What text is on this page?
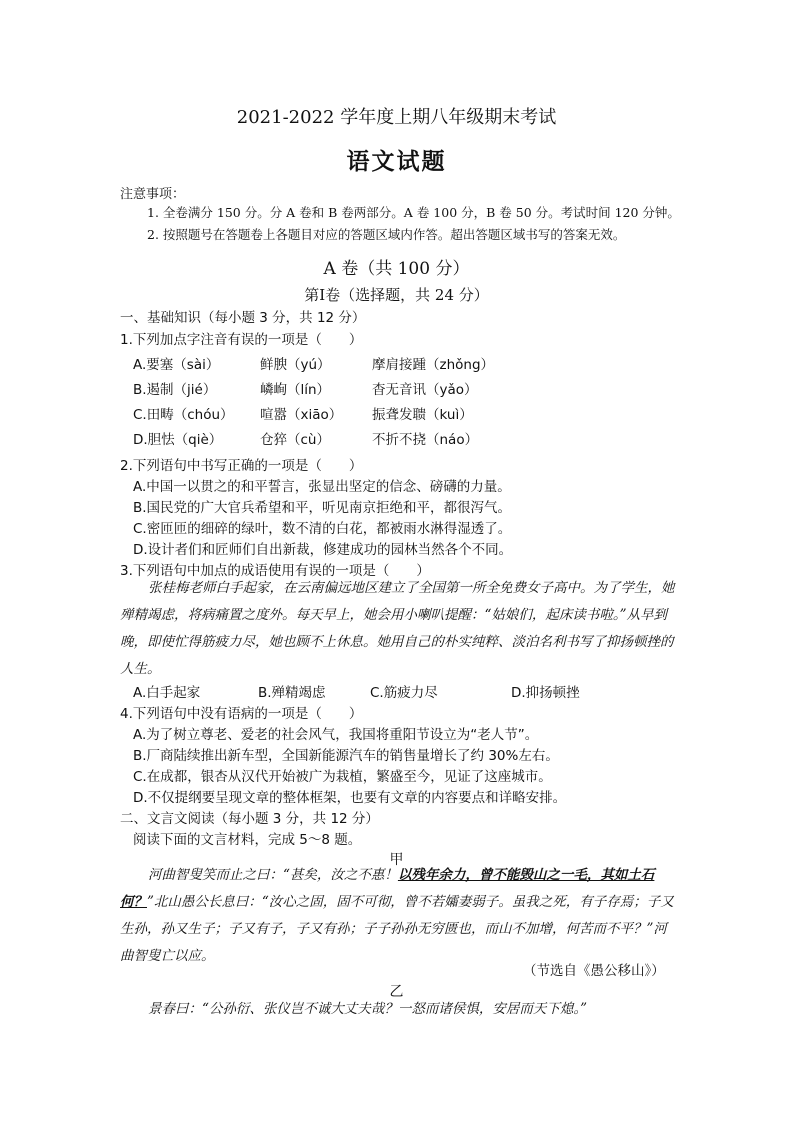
2021-2022 学年度上期八年级期末考试
语文试题
注意事项：
1. 全卷满分 150 分。分 A 卷和 B 卷两部分。A 卷 100 分，B 卷 50 分。考试时间 120 分钟。
2. 按照题号在答题卷上各题目对应的答题区域内作答。超出答题区域书写的答案无效。
A 卷（共 100 分）
第Ⅰ卷（选择题，共 24 分）
一、基础知识（每小题 3 分，共 12 分）
1.下列加点字注音有误的一项是（　　）
A.要塞（sài）	鲜腴（yú）	摩肩接踵（zhǒng）
B.遏制（jié）	嶙峋（lín）	杳无音讯（yǎo）
C.田畴（chóu） 喧嚣（xiāo） 振聋发聩（kuì）
D.胆怯（qiè）	仓猝（cù）	不折不挠（náo）
2.下列语句中书写正确的一项是（　　）
A.中国一以贯之的和平誓言，张显出坚定的信念、磅礴的力量。
B.国民党的广大官兵希望和平，听见南京拒绝和平，都很泻气。
C.密匝匝的细碎的绿叶，数不清的白花，都被雨水淋得湿透了。
D.设计者们和匠师们自出新裁，修建成功的园林当然各个不同。
3.下列语句中加点的成语使用有误的一项是（　　）
张桂梅老师白手起家，在云南偏远地区建立了全国第一所全免费女子高中。为了学生，她殚精竭虑，将病痛置之度外。每天早上，她会用小喇叭提醒：“姑娘们，起床读书啦。”从早到晚，即使忙得筋疲力尽，她也顾不上休息。她用自己的朴实纯粹、淡泊名利书写了抑扬顿挫的人生。
A.白手起家	B.殚精竭虑	C.筋疲力尽	D.抑扬顿挫
4.下列语句中没有语病的一项是（　　）
A.为了树立尊老、爱老的社会风气，我国将重阳节设立为“老人节”。
B.厂商陆续推出新车型，全国新能源汽车的销售量增长了约 30%左右。
C.在成都，银杏从汉代开始被广为栽植，繁盛至今，见证了这座城市。
D.不仅提纲要呈现文章的整体框架，也要有文章的内容要点和详略安排。
二、文言文阅读（每小题 3 分，共 12 分）
阅读下面的文言材料，完成 5～8 题。
甲
河曲智叟笑而止之曰：“甚矣，汝之不惠！以残年余力，曾不能毁山之一毛，其如土石何？”北山愚公长息曰：“汝心之固，固不可彻，曾不若孀妻弱子。虽我之死，有子存焉；子又生孙，孙又生子；子又有子，子又有孙；子子孙孙无穷匮也，而山不加增，何苦而不平？”河曲智叟亡以应。
（节选自《愚公移山》）
乙
景春曰：“公孙衍、张仪岂不诚大丈夫哉？一怒而诸侯惧，安居而天下熄。”
